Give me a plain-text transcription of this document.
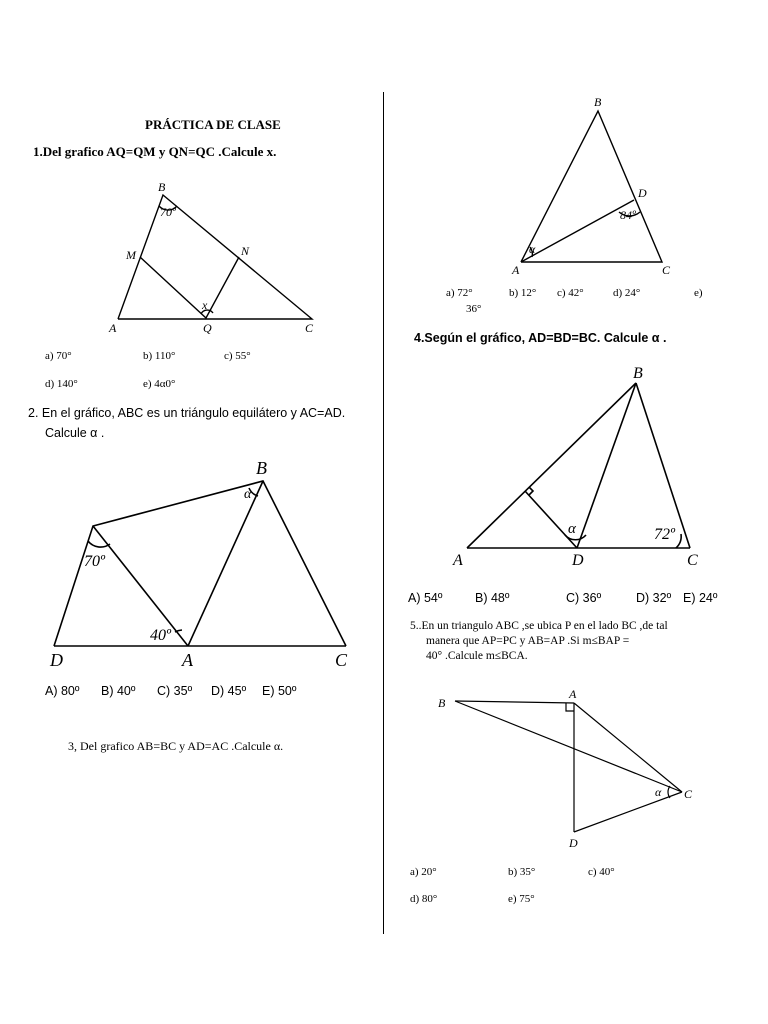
PRÁCTICA DE CLASE

1.Del grafico AQ=QM y QN=QC .Calcule x.

B
70º
M	N
x
A	Q	C

a) 70°	b) 110°	c) 55°

d) 140°	e) 4α0°

2. En el gráfico, ABC es un triángulo equilátero y AC=AD.

Calcule α .

B
α
70º
40º
D	A	C

A) 80º B) 40º C) 35º D) 45º E) 50º

3, Del grafico AB=BC y AD=AC .Calcule α.

B
D
84º
α
A	C

a) 72°	b) 12° c) 42°	d) 24°	e)

36°

4.Según el gráfico, AD=BD=BC. Calcule α .

B
α	72º
A	D	C

A) 54º	B) 48º	C) 36º	D) 32º E) 24º

5..En un triangulo ABC ,se ubica P en el lado BC ,de tal

manera que AP=PC y AB=AP .Si m≤BAP =

40° .Calcule m≤BCA.

B
A
α C
D

a) 20°	b) 35°	c) 40°

d) 80°	e) 75°
